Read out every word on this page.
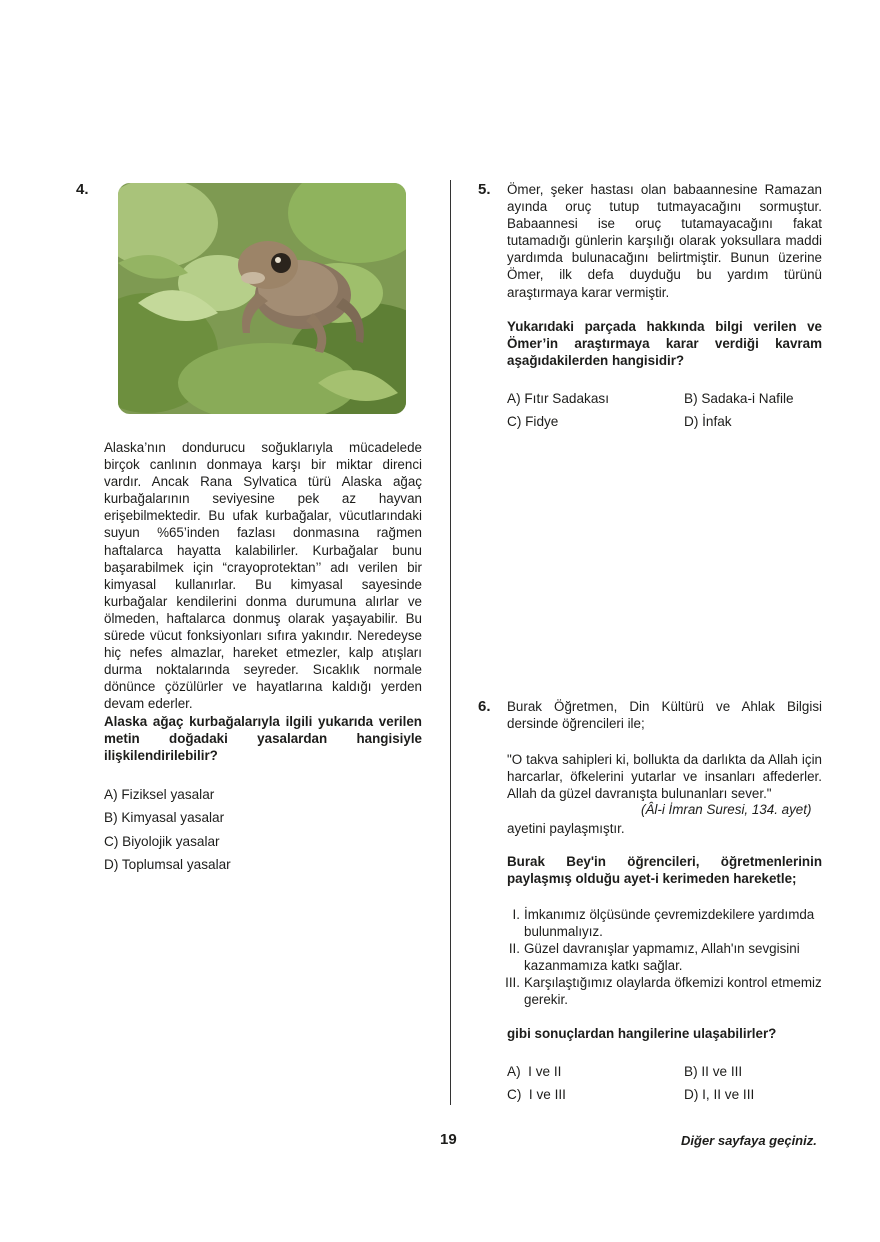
4.

Alaska’nın dondurucu soğuklarıyla mücadelede birçok canlının donmaya karşı bir miktar direnci vardır. Ancak Rana Sylvatica türü Alaska ağaç kurbağalarının seviyesine pek az hayvan erişebilmektedir. Bu ufak kurbağalar, vücutlarındaki suyun %65’inden fazlası donmasına rağmen haftalarca hayatta kalabilirler. Kurbağalar bunu başarabilmek için “crayoprotektan’’ adı verilen bir kimyasal kullanırlar. Bu kimyasal sayesinde kurbağalar kendilerini donma durumuna alırlar ve ölmeden, haftalarca donmuş olarak yaşayabilir. Bu sürede vücut fonksiyonları sıfıra yakındır. Neredeyse hiç nefes almazlar, hareket etmezler, kalp atışları durma noktalarında seyreder. Sıcaklık normale dönünce çözülürler ve hayatlarına kaldığı yerden devam ederler.

Alaska ağaç kurbağalarıyla ilgili yukarıda verilen metin doğadaki yasalardan hangisiyle ilişkilendirilebilir?

A) Fiziksel yasalar
B) Kimyasal yasalar
C) Biyolojik yasalar
D) Toplumsal yasalar
5. Ömer, şeker hastası olan babaannesine Ramazan ayında oruç tutup tutmayacağını sormuştur. Babaannesi ise oruç tutamayacağını fakat tutamadığı günlerin karşılığı olarak yoksullara maddi yardımda bulunacağını belirtmiştir. Bunun üzerine Ömer, ilk defa duyduğu bu yardım türünü araştırmaya karar vermiştir.

Yukarıdaki parçada hakkında bilgi verilen ve Ömer’in araştırmaya karar verdiği kavram aşağıdakilerden hangisidir?

A) Fıtır Sadakası	B) Sadaka-i Nafile
C) Fidye	D) İnfak
6. Burak Öğretmen, Din Kültürü ve Ahlak Bilgisi dersinde öğrencileri ile;

"O takva sahipleri ki, bollukta da darlıkta da Allah için harcarlar, öfkelerini yutarlar ve insanları affederler. Allah da güzel davranışta bulunanları sever."

(Âl-i İmran Suresi, 134. ayet)
ayetini paylaşmıştır.

Burak Bey'in öğrencileri, öğretmenlerinin paylaşmış olduğu ayet-i kerimeden hareketle;

I. İmkanımız ölçüsünde çevremizdekilere yardımda bulunmalıyız.
II. Güzel davranışlar yapmamız, Allah'ın sevgisini kazanmamıza katkı sağlar.
III. Karşılaştığımız olaylarda öfkemizi kontrol etmemiz gerekir.

gibi sonuçlardan hangilerine ulaşabilirler?

A)  I ve II	B) II ve III
C)  I ve III	D) I, II ve III
19	Diğer sayfaya geçiniz.
